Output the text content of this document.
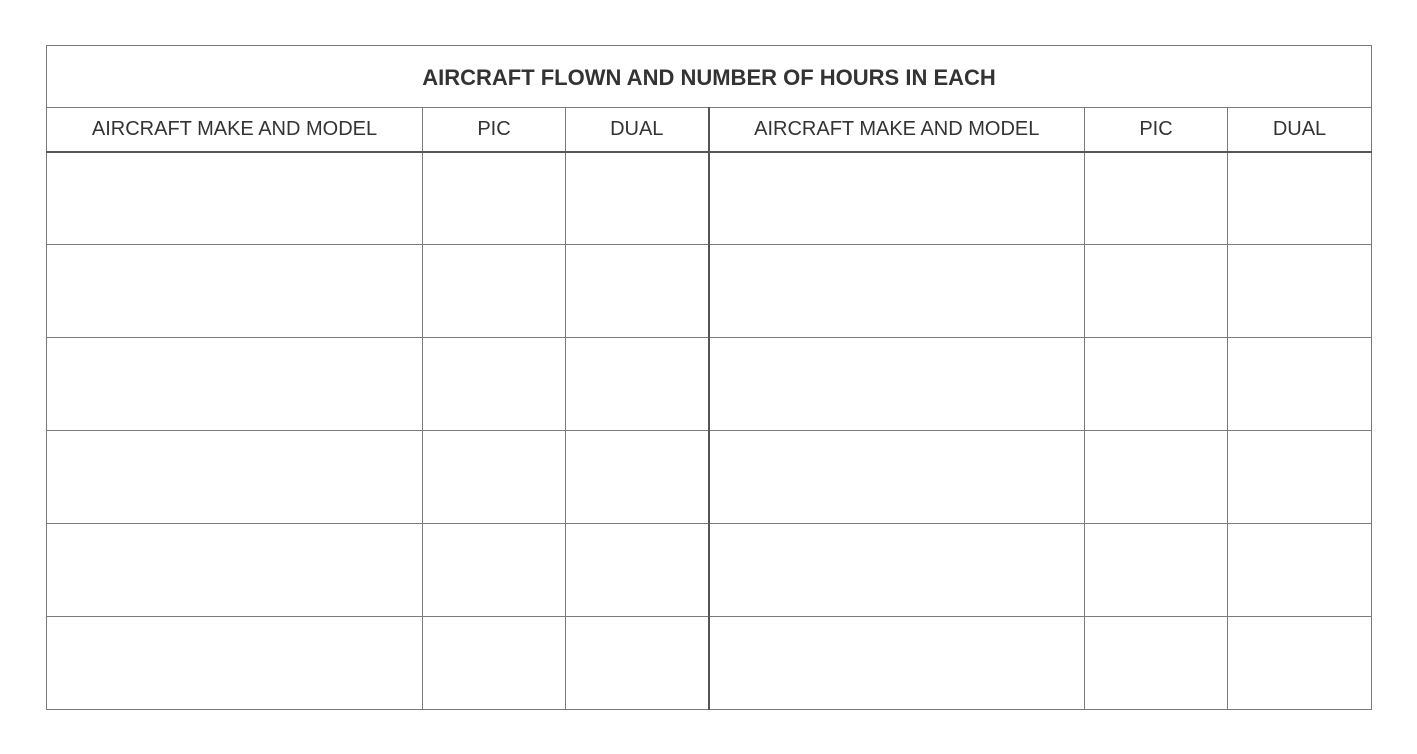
AIRCRAFT FLOWN AND NUMBER OF HOURS IN EACH					
AIRCRAFT MAKE AND MODEL	PIC	DUAL	AIRCRAFT MAKE AND MODEL	PIC	DUAL
